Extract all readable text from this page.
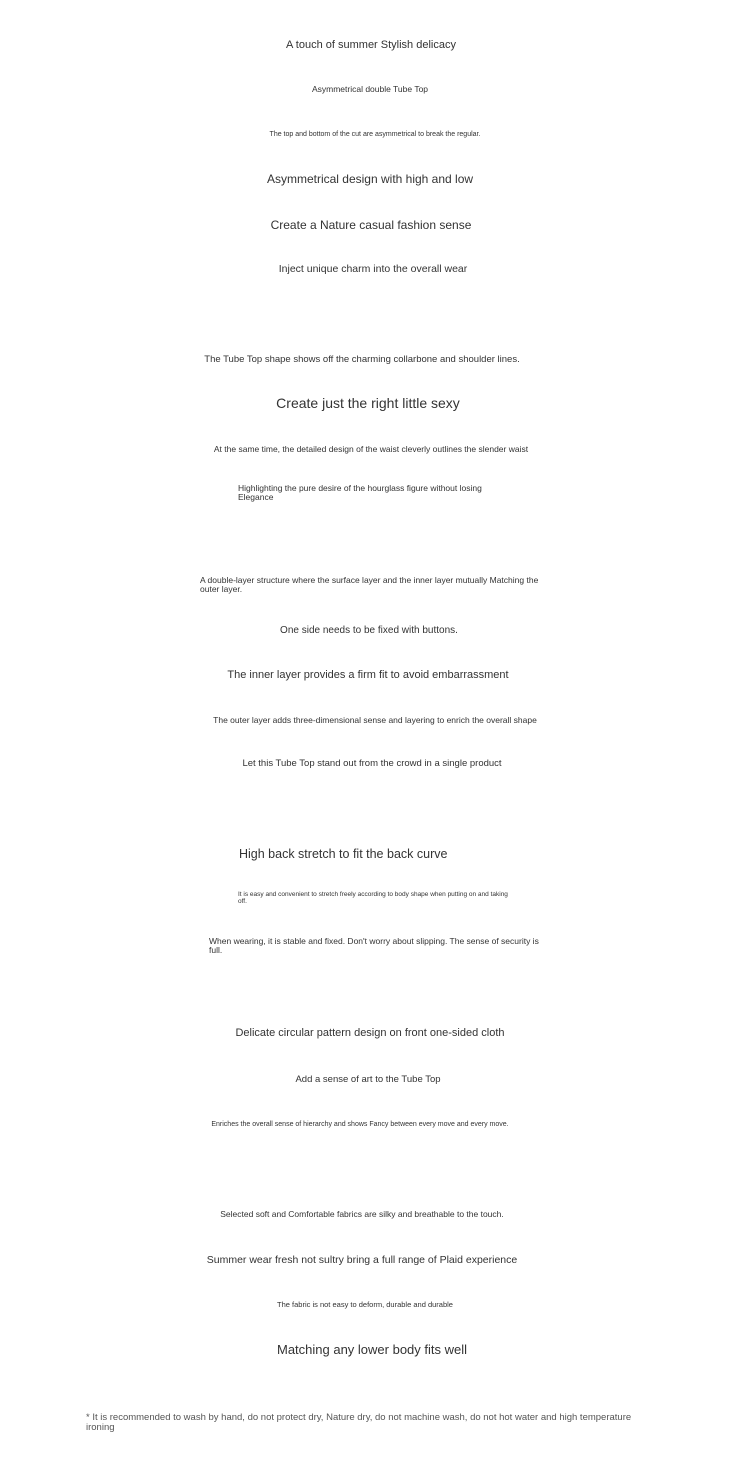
A touch of summer Stylish delicacy
Asymmetrical double Tube Top
The top and bottom of the cut are asymmetrical to break the regular.
Asymmetrical design with high and low
Create a Nature casual fashion sense
Inject unique charm into the overall wear
The Tube Top shape shows off the charming collarbone and shoulder lines.
Create just the right little sexy
At the same time, the detailed design of the waist cleverly outlines the slender waist
Highlighting the pure desire of the hourglass figure without losing Elegance
A double-layer structure where the surface layer and the inner layer mutually Matching the outer layer.
One side needs to be fixed with buttons.
The inner layer provides a firm fit to avoid embarrassment
The outer layer adds three-dimensional sense and layering to enrich the overall shape
Let this Tube Top stand out from the crowd in a single product
High back stretch to fit the back curve
It is easy and convenient to stretch freely according to body shape when putting on and taking off.
When wearing, it is stable and fixed. Don't worry about slipping. The sense of security is full.
Delicate circular pattern design on front one-sided cloth
Add a sense of art to the Tube Top
Enriches the overall sense of hierarchy and shows Fancy between every move and every move.
Selected soft and Comfortable fabrics are silky and breathable to the touch.
Summer wear fresh not sultry bring a full range of Plaid experience
The fabric is not easy to deform, durable and durable
Matching any lower body fits well
* It is recommended to wash by hand, do not protect dry, Nature dry, do not machine wash, do not hot water and high temperature ironing
